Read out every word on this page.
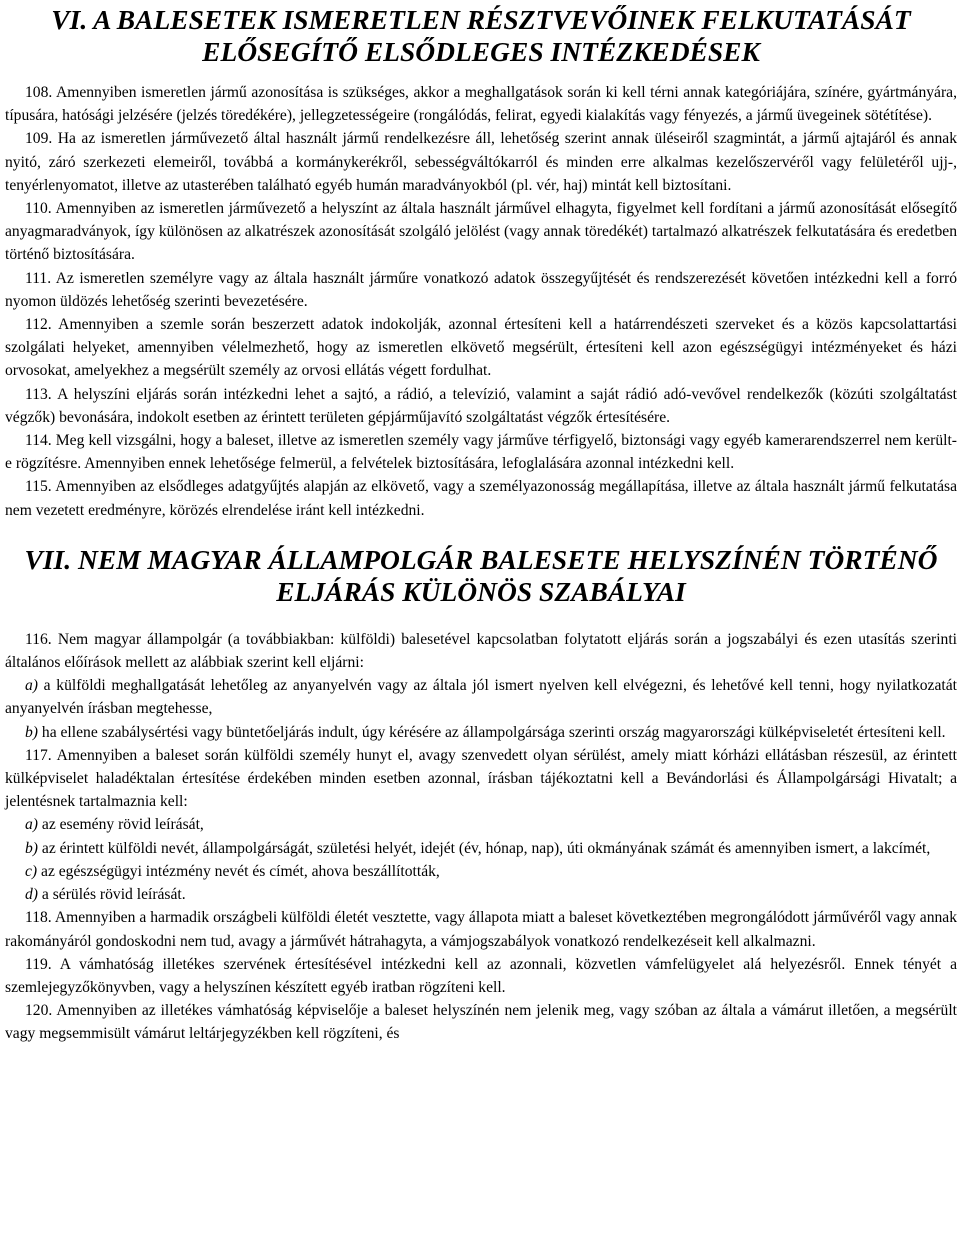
VI. A BALESETEK ISMERETLEN RÉSZTVEVŐINEK FELKUTATÁSÁT
ELŐSEGÍTŐ ELSŐDLEGES INTÉZKEDÉSEK

108. Amennyiben ismeretlen jármű azonosítása is szükséges, akkor a meghallgatások során ki kell térni annak kategóriájára, színére, gyártmányára, típusára, hatósági jelzésére (jelzés töredékére), jellegzetességeire (rongálódás, felirat, egyedi kialakítás vagy fényezés, a jármű üvegeinek sötétítése).

109. Ha az ismeretlen járművezető által használt jármű rendelkezésre áll, lehetőség szerint annak üléseiről szagmintát, a jármű ajtajáról és annak nyitó, záró szerkezeti elemeiről, továbbá a kormánykerékről, sebességváltókarról és minden erre alkalmas kezelőszervéről vagy felületéről ujj-, tenyérlenyomatot, illetve az utasterében található egyéb humán maradványokból (pl. vér, haj) mintát kell biztosítani.

110. Amennyiben az ismeretlen járművezető a helyszínt az általa használt járművel elhagyta, figyelmet kell fordítani a jármű azonosítását elősegítő anyagmaradványok, így különösen az alkatrészek azonosítását szolgáló jelölést (vagy annak töredékét) tartalmazó alkatrészek felkutatására és eredetben történő biztosítására.

111. Az ismeretlen személyre vagy az általa használt járműre vonatkozó adatok összegyűjtését és rendszerezését követően intézkedni kell a forró nyomon üldözés lehetőség szerinti bevezetésére.

112. Amennyiben a szemle során beszerzett adatok indokolják, azonnal értesíteni kell a határrendészeti szerveket és a közös kapcsolattartási szolgálati helyeket, amennyiben vélelmezhető, hogy az ismeretlen elkövető megsérült, értesíteni kell azon egészségügyi intézményeket és házi orvosokat, amelyekhez a megsérült személy az orvosi ellátás végett fordulhat.

113. A helyszíni eljárás során intézkedni lehet a sajtó, a rádió, a televízió, valamint a saját rádió adó-vevővel rendelkezők (közúti szolgáltatást végzők) bevonására, indokolt esetben az érintett területen gépjárműjavító szolgáltatást végzők értesítésére.

114. Meg kell vizsgálni, hogy a baleset, illetve az ismeretlen személy vagy járműve térfigyelő, biztonsági vagy egyéb kamerarendszerrel nem került-e rögzítésre. Amennyiben ennek lehetősége felmerül, a felvételek biztosítására, lefoglalására azonnal intézkedni kell.

115. Amennyiben az elsődleges adatgyűjtés alapján az elkövető, vagy a személyazonosság megállapítása, illetve az általa használt jármű felkutatása nem vezetett eredményre, körözés elrendelése iránt kell intézkedni.

VII. NEM MAGYAR ÁLLAMPOLGÁR BALESETE HELYSZÍNÉN TÖRTÉNŐ
ELJÁRÁS KÜLÖNÖS SZABÁLYAI

116. Nem magyar állampolgár (a továbbiakban: külföldi) balesetével kapcsolatban folytatott eljárás során a jogszabályi és ezen utasítás szerinti általános előírások mellett az alábbiak szerint kell eljárni:

a) a külföldi meghallgatását lehetőleg az anyanyelvén vagy az általa jól ismert nyelven kell elvégezni, és lehetővé kell tenni, hogy nyilatkozatát anyanyelvén írásban megtehesse,

b) ha ellene szabálysértési vagy büntetőeljárás indult, úgy kérésére az állampolgársága szerinti ország magyarországi külképviseletét értesíteni kell.

117. Amennyiben a baleset során külföldi személy hunyt el, avagy szenvedett olyan sérülést, amely miatt kórházi ellátásban részesül, az érintett külképviselet haladéktalan értesítése érdekében minden esetben azonnal, írásban tájékoztatni kell a Bevándorlási és Állampolgársági Hivatalt; a jelentésnek tartalmaznia kell:

a) az esemény rövid leírását,

b) az érintett külföldi nevét, állampolgárságát, születési helyét, idejét (év, hónap, nap), úti okmányának számát és amennyiben ismert, a lakcímét,

c) az egészségügyi intézmény nevét és címét, ahova beszállították,

d) a sérülés rövid leírását.

118. Amennyiben a harmadik országbeli külföldi életét vesztette, vagy állapota miatt a baleset következtében megrongálódott járművéről vagy annak rakományáról gondoskodni nem tud, avagy a járművét hátrahagyta, a vámjogszabályok vonatkozó rendelkezéseit kell alkalmazni.

119. A vámhatóság illetékes szervének értesítésével intézkedni kell az azonnali, közvetlen vámfelügyelet alá helyezésről. Ennek tényét a szemlejegyzőkönyvben, vagy a helyszínen készített egyéb iratban rögzíteni kell.

120. Amennyiben az illetékes vámhatóság képviselője a baleset helyszínén nem jelenik meg, vagy szóban az általa a vámárut illetően, a megsérült vagy megsemmisült vámárut leltárjegyzékben kell rögzíteni, és
